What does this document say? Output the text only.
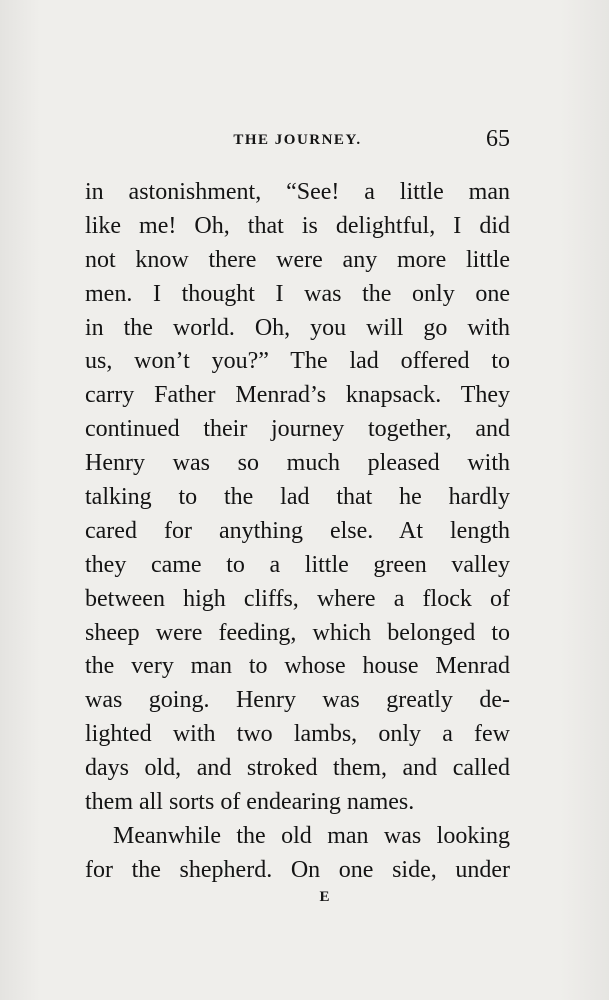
THE JOURNEY.	65
in astonishment, “See! a little man
like me! Oh, that is delightful, I did
not know there were any more little
men. I thought I was the only one
in the world. Oh, you will go with
us, won’t you?” The lad offered to
carry Father Menrad’s knapsack. They
continued their journey together, and
Henry was so much pleased with
talking to the lad that he hardly
cared for anything else. At length
they came to a little green valley
between high cliffs, where a flock of
sheep were feeding, which belonged to
the very man to whose house Menrad
was going. Henry was greatly de-
lighted with two lambs, only a few
days old, and stroked them, and called
them all sorts of endearing names.
Meanwhile the old man was looking
for the shepherd. On one side, under
E
